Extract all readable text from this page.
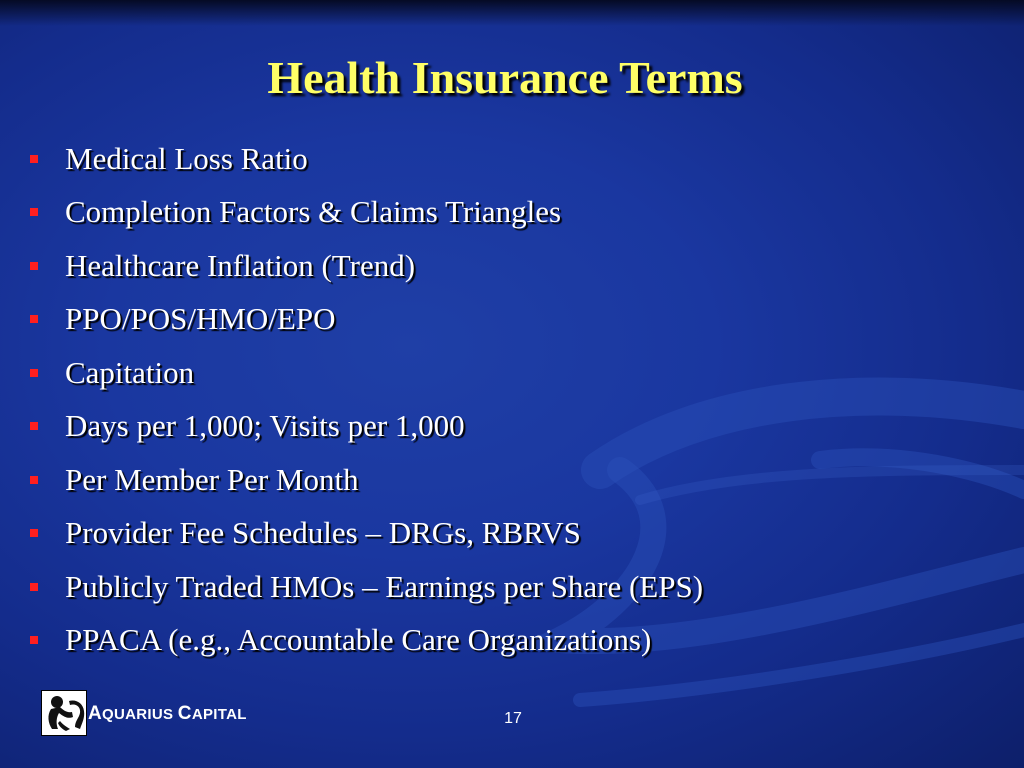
Health Insurance Terms
Medical Loss Ratio
Completion Factors & Claims Triangles
Healthcare Inflation (Trend)
PPO/POS/HMO/EPO
Capitation
Days per 1,000; Visits per 1,000
Per Member Per Month
Provider Fee Schedules – DRGs, RBRVS
Publicly Traded HMOs – Earnings per Share (EPS)
PPACA (e.g., Accountable Care Organizations)
AQUARIUS CAPITAL	17
